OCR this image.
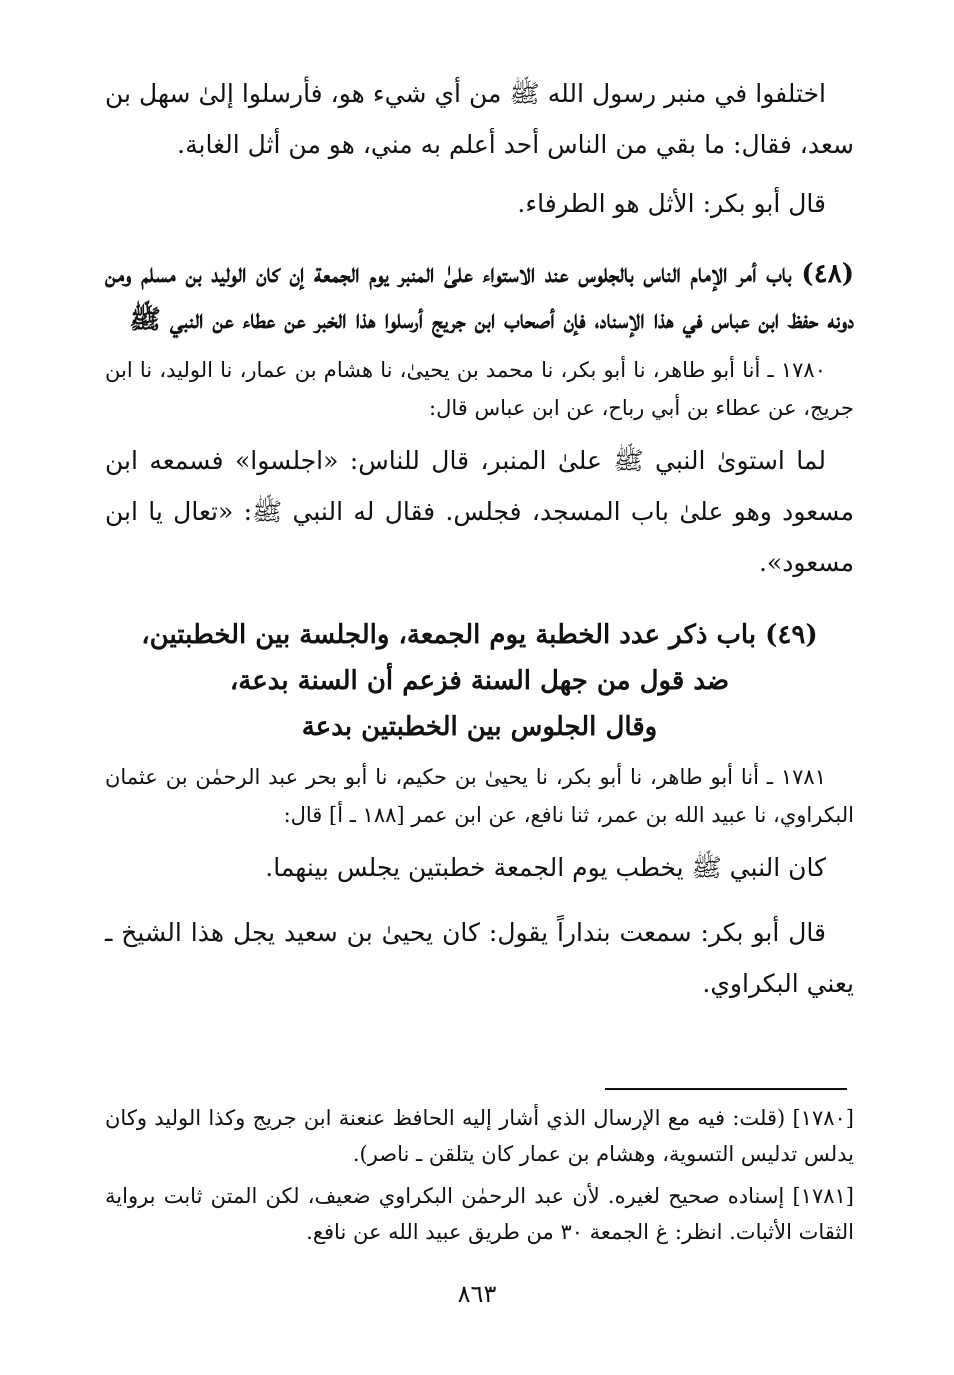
اختلفوا في منبر رسول الله ﷺ من أي شيء هو، فأرسلوا إلىٰ سهل بن سعد، فقال: ما بقي من الناس أحد أعلم به مني، هو من أثل الغابة.

قال أبو بكر: الأثل هو الطرفاء.

(٤٨) باب أمر الإمام الناس بالجلوس عند الاستواء علىٰ المنبر يوم الجمعة إن كان الوليد بن مسلم ومن دونه حفظ ابن عباس في هذا الإسناد، فإن أصحاب ابن جريج أرسلوا هذا الخبر عن عطاء عن النبي ﷺ

١٧٨٠ ـ أنا أبو طاهر، نا أبو بكر، نا محمد بن يحيىٰ، نا هشام بن عمار، نا الوليد، نا ابن جريج، عن عطاء بن أبي رباح، عن ابن عباس قال:

لما استوىٰ النبي ﷺ علىٰ المنبر، قال للناس: «اجلسوا» فسمعه ابن مسعود وهو علىٰ باب المسجد، فجلس. فقال له النبي ﷺ: «تعال يا ابن مسعود».

(٤٩) باب ذكر عدد الخطبة يوم الجمعة، والجلسة بين الخطبتين،

ضد قول من جهل السنة فزعم أن السنة بدعة،

وقال الجلوس بين الخطبتين بدعة

١٧٨١ ـ أنا أبو طاهر، نا أبو بكر، نا يحيىٰ بن حكيم، نا أبو بحر عبد الرحمٰن بن عثمان البكراوي، نا عبيد الله بن عمر، ثنا نافع، عن ابن عمر [١٨٨ ـ أ] قال:

كان النبي ﷺ يخطب يوم الجمعة خطبتين يجلس بينهما.

قال أبو بكر: سمعت بنداراً يقول: كان يحيىٰ بن سعيد يجل هذا الشيخ ـ يعني البكراوي.

[١٧٨٠] (قلت: فيه مع الإرسال الذي أشار إليه الحافظ عنعنة ابن جريج وكذا الوليد وكان يدلس تدليس التسوية، وهشام بن عمار كان يتلقن ـ ناصر).

[١٧٨١] إسناده صحيح لغيره. لأن عبد الرحمٰن البكراوي ضعيف، لكن المتن ثابت برواية الثقات الأثبات. انظر: غ الجمعة ٣٠ من طريق عبيد الله عن نافع.

٨٦٣
